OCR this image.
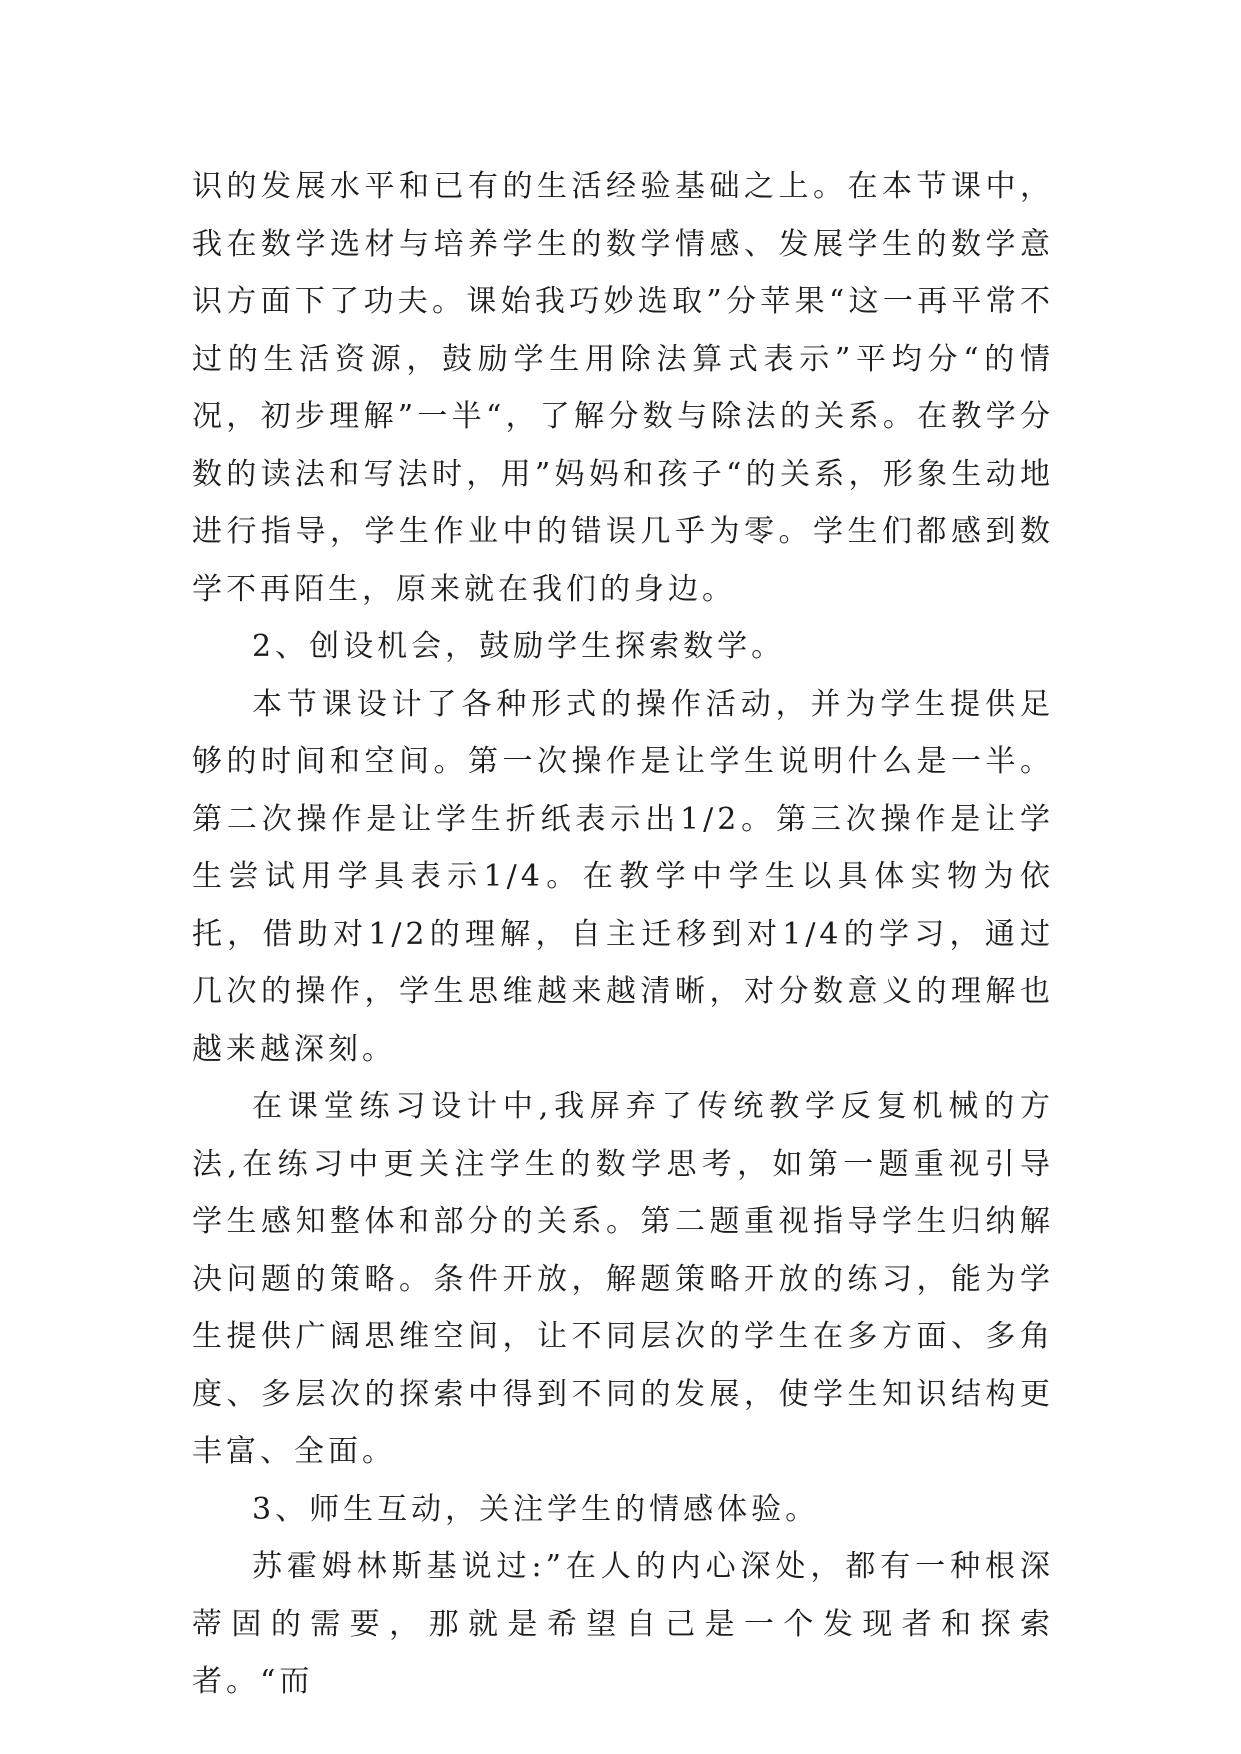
识的发展水平和已有的生活经验基础之上。在本节课中，我在数学选材与培养学生的数学情感、发展学生的数学意识方面下了功夫。课始我巧妙选取”分苹果“这一再平常不过的生活资源，鼓励学生用除法算式表示”平均分“的情况，初步理解”一半“，了解分数与除法的关系。在教学分数的读法和写法时，用”妈妈和孩子“的关系，形象生动地进行指导，学生作业中的错误几乎为零。学生们都感到数学不再陌生，原来就在我们的身边。

2、创设机会，鼓励学生探索数学。

本节课设计了各种形式的操作活动，并为学生提供足够的时间和空间。第一次操作是让学生说明什么是一半。第二次操作是让学生折纸表示出1/2。第三次操作是让学生尝试用学具表示1/4。在教学中学生以具体实物为依托，借助对1/2的理解，自主迁移到对1/4的学习，通过几次的操作，学生思维越来越清晰，对分数意义的理解也越来越深刻。

在课堂练习设计中,我屏弃了传统教学反复机械的方法,在练习中更关注学生的数学思考，如第一题重视引导学生感知整体和部分的关系。第二题重视指导学生归纳解决问题的策略。条件开放，解题策略开放的练习，能为学生提供广阔思维空间，让不同层次的学生在多方面、多角度、多层次的探索中得到不同的发展，使学生知识结构更丰富、全面。

3、师生互动，关注学生的情感体验。

苏霍姆林斯基说过:”在人的内心深处，都有一种根深蒂固的需要，那就是希望自己是一个发现者和探索者。“而
